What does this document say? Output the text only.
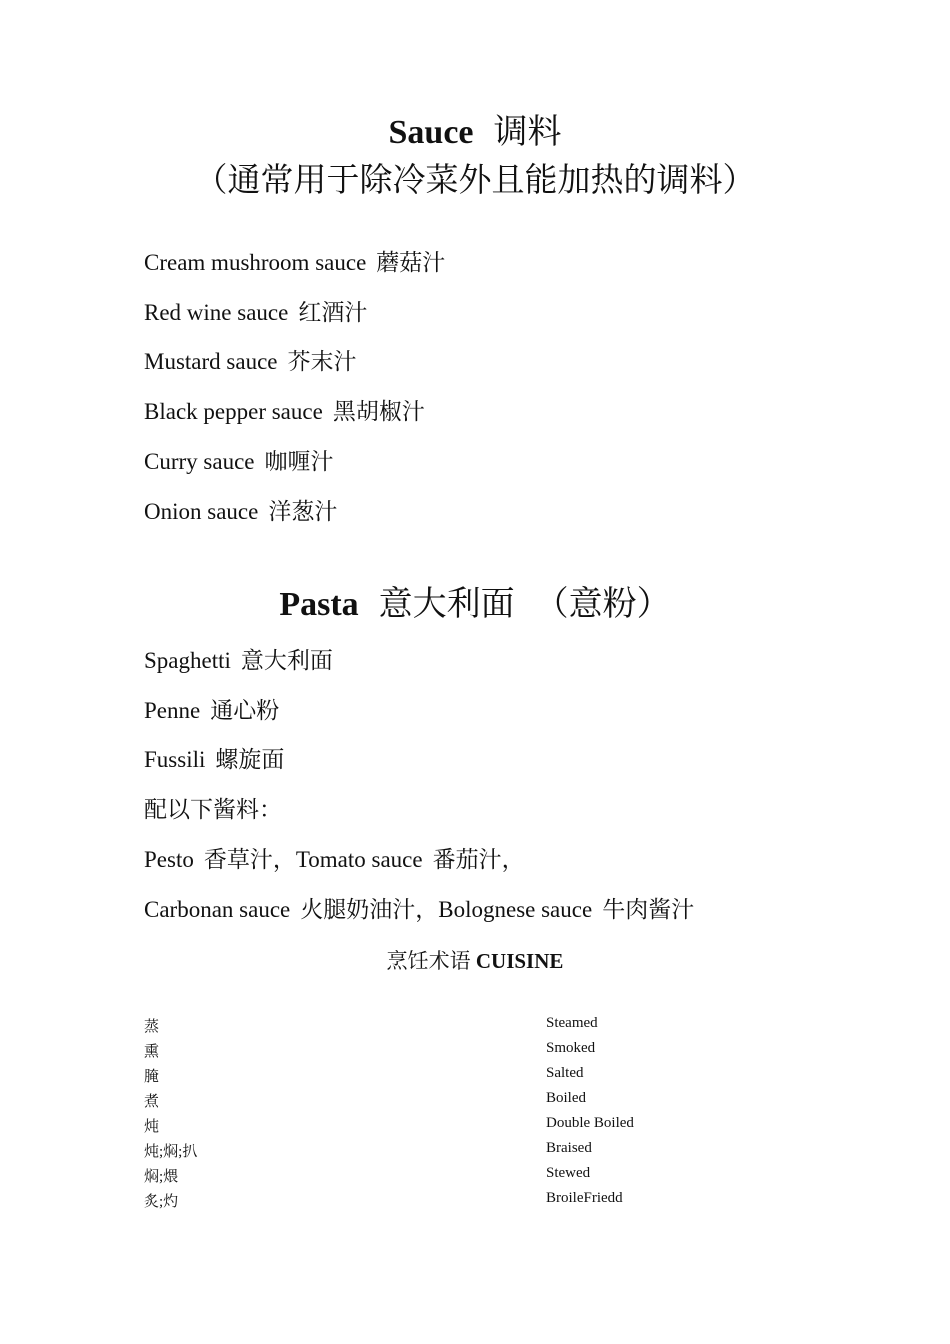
Sauce 调料
（通常用于除冷菜外且能加热的调料）
Cream mushroom sauce 蘑菇汁
Red wine sauce 红酒汁
Mustard sauce 芥末汁
Black pepper sauce 黑胡椒汁
Curry sauce 咖喱汁
Onion sauce 洋葱汁
Pasta 意大利面 （意粉）
Spaghetti 意大利面
Penne 通心粉
Fussili 螺旋面
配以下酱料：
Pesto 香草汁，Tomato sauce 番茄汁，
Carbonan sauce 火腿奶油汁，Bolognese sauce 牛肉酱汁
烹饪术语 CUISINE
蒸	Steamed
熏	Smoked
腌	Salted
煮	Boiled
炖	Double Boiled
炖;焖;扒	Braised
焖;煨	Stewed
炙;灼	BroileFriedd
